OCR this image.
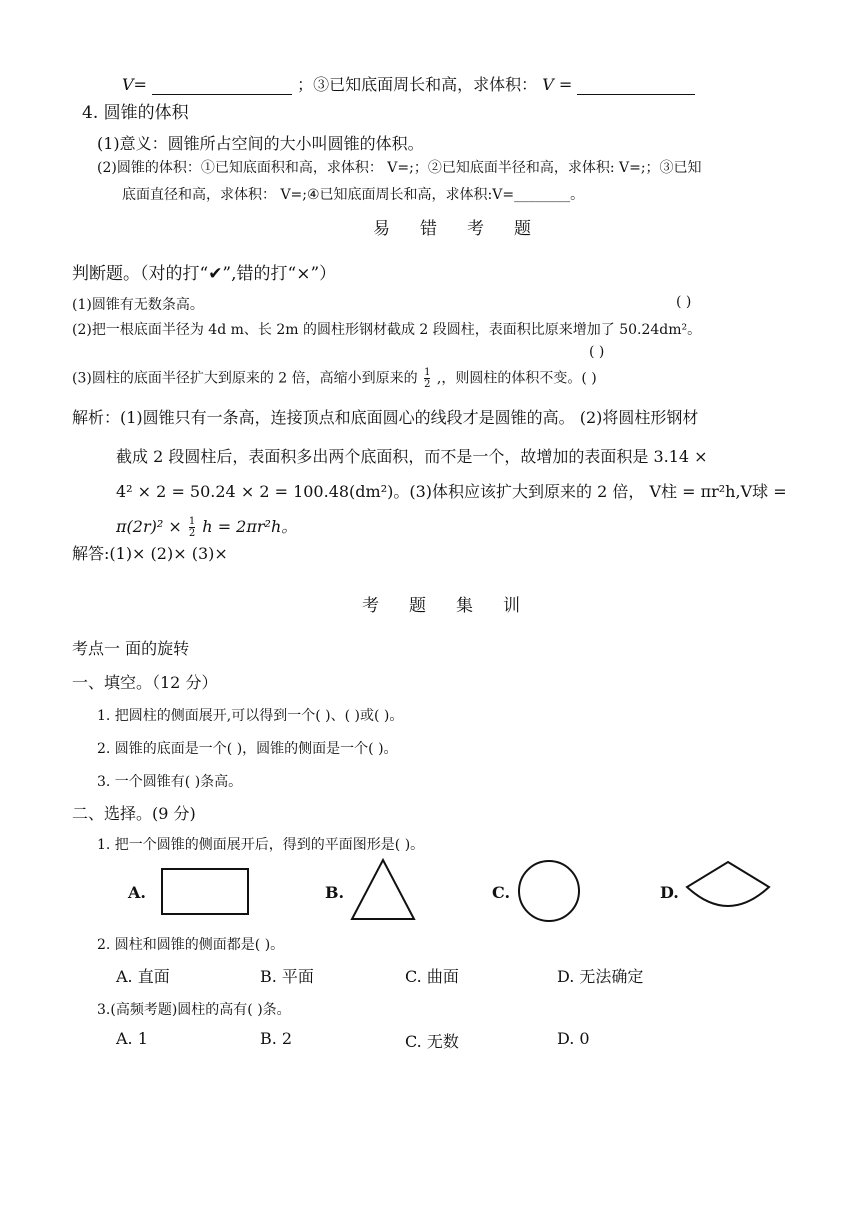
V=	；③已知底面周长和高，求体积： V =
4. 圆锥的体积
(1)意义：圆锥所占空间的大小叫圆锥的体积。
(2)圆锥的体积：①已知底面积和高，求体积： V=;；②已知底面半径和高，求体积: V=;；③已知
底面直径和高，求体积： V=;④已知底面周长和高，求体积:V=________。
易错考题
判断题。（对的打“✔”,错的打“×”）
(1)圆锥有无数条高。	( )
(2)把一根底面半径为 4d m、长 2m 的圆柱形钢材截成 2 段圆柱，表面积比原来增加了 50.24dm²。
( )
(3)圆柱的底面半径扩大到原来的 2 倍，高缩小到原来的 $\frac{1}{2}$ ,，则圆柱的体积不变。( )
解析：(1)圆锥只有一条高，连接顶点和底面圆心的线段才是圆锥的高。 (2)将圆柱形钢材
截成 2 段圆柱后，表面积多出两个底面积，而不是一个，故增加的表面积是 3.14 ×
4² × 2 = 50.24 × 2 = 100.48(dm²)。(3)体积应该扩大到原来的 2 倍， V柱 = πr²h,V球 =
$\pi(2r)^2 \times \frac{1}{2}$ h = 2πr²h。
解答:(1)× (2)× (3)×
考题集训
考点一 面的旋转
一、填空。（12 分）
1. 把圆柱的侧面展开,可以得到一个( )、( )或( )。
2. 圆锥的底面是一个( )，圆锥的侧面是一个( )。
3. 一个圆锥有( )条高。
二、选择。(9 分)
1. 把一个圆锥的侧面展开后，得到的平面图形是( )。
A.	B.	C.	D.
2. 圆柱和圆锥的侧面都是( )。
A. 直面	B. 平面	C. 曲面	D. 无法确定
3.(高频考题)圆柱的高有( )条。
A. 1	B. 2	C. 无数	D. 0
